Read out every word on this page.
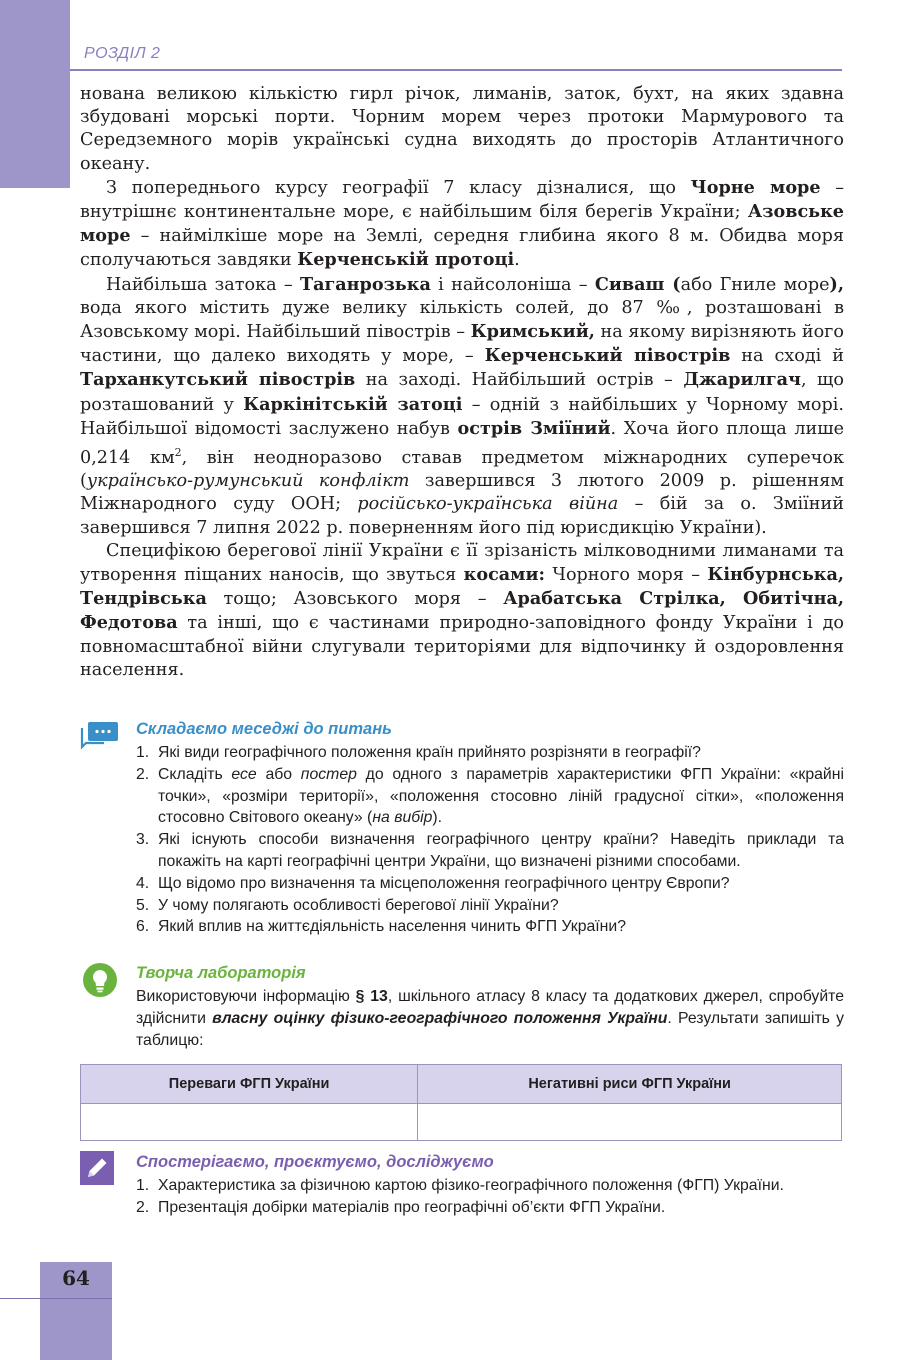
РОЗДІЛ 2

нована великою кількістю гирл річок, лиманів, заток, бухт, на яких здавна збудовані морські порти. Чорним морем через протоки Мармурового та Середземного морів українські судна виходять до просторів Атлантичного океану.

З попереднього курсу географії 7 класу дізналися, що Чорне море – внутрішнє континентальне море, є найбільшим біля берегів України; Азовське море – наймілкіше море на Землі, середня глибина якого 8 м. Обидва моря сполучаються завдяки Керченській протоці.

Найбільша затока – Таганрозька і найсолоніша – Сиваш (або Гниле море), вода якого містить дуже велику кількість солей, до 87 ‰, розташовані в Азовському морі. Найбільший півострів – Кримський, на якому вирізняють його частини, що далеко виходять у море, – Керченський півострів на сході й Тарханкутський півострів на заході. Найбільший острів – Джарилгач, що розташований у Каркінітській затоці – одній з найбільших у Чорному морі. Найбільшої відомості заслужено набув острів Зміїний. Хоча його площа лише 0,214 $км^2$, він неодноразово ставав предметом міжнародних суперечок (українсько-румунський конфлікт завершився 3 лютого 2009 р. рішенням Міжнародного суду ООН; російсько-українська війна – бій за о. Зміїний завершився 7 липня 2022 р. поверненням його під юрисдикцію України).

Специфікою берегової лінії України є її зрізаність мілководними лиманами та утворення піщаних наносів, що звуться косами: Чорного моря – Кінбурнська, Тендрівська тощо; Азовського моря – Арабатська Стрілка, Обитічна, Федотова та інші, що є частинами природно-заповідного фонду України і до повномасштабної війни слугували територіями для відпочинку й оздоровлення населення.

Складаємо меседжі до питань
1. Які види географічного положення країн прийнято розрізняти в географії?
2. Складіть есе або постер до одного з параметрів характеристики ФГП України: «крайні точки», «розміри території», «положення стосовно ліній градусної сітки», «положення стосовно Світового океану» (на вибір).
3. Які існують способи визначення географічного центру країни? Наведіть приклади та покажіть на карті географічні центри України, що визначені різними способами.
4. Що відомо про визначення та місцеположення географічного центру Європи?
5. У чому полягають особливості берегової лінії України?
6. Який вплив на життєдіяльність населення чинить ФГП України?
Творча лабораторія
Використовуючи інформацію § 13, шкільного атласу 8 класу та додаткових джерел, спробуйте здійснити власну оцінку фізико-географічного положення України. Результати запишіть у таблицю:
Переваги ФГП України	Негативні риси ФГП України

Спостерігаємо, проєктуємо, досліджуємо
1. Характеристика за фізичною картою фізико-географічного положення (ФГП) України.
2. Презентація добірки матеріалів про географічні об’єкти ФГП України.
64
